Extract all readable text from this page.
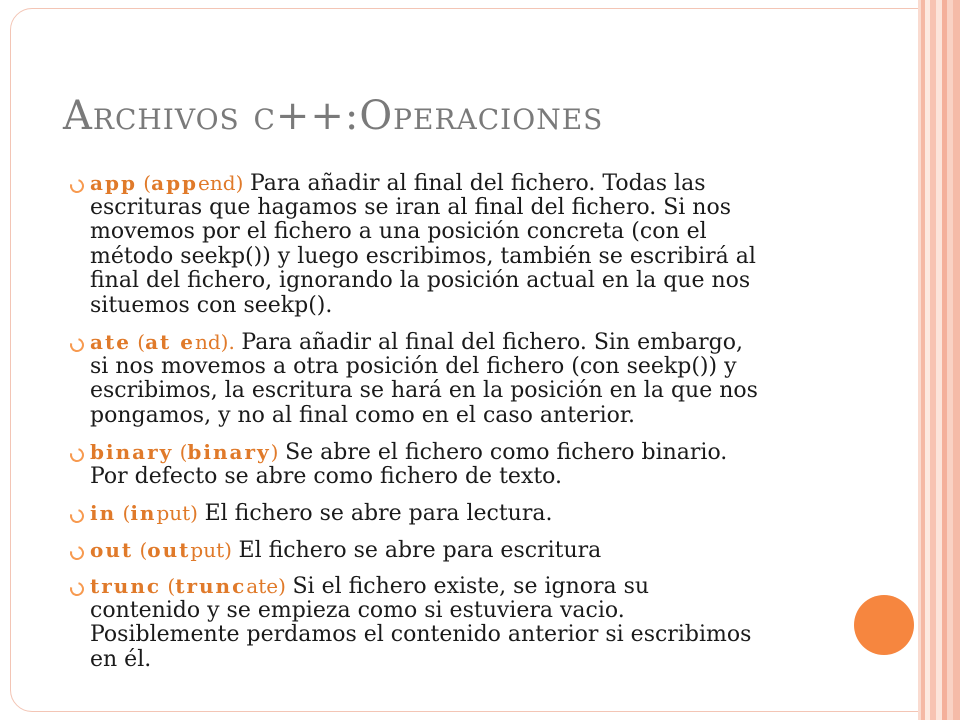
Archivos c++:Operaciones
app (append) Para añadir al final del fichero. Todas las
escrituras que hagamos se iran al final del fichero. Si nos
movemos por el fichero a una posición concreta (con el
método seekp()) y luego escribimos, también se escribirá al
final del fichero, ignorando la posición actual en la que nos
situemos con seekp().
ate (at end). Para añadir al final del fichero. Sin embargo,
si nos movemos a otra posición del fichero (con seekp()) y
escribimos, la escritura se hará en la posición en la que nos
pongamos, y no al final como en el caso anterior.
binary (binary) Se abre el fichero como fichero binario.
Por defecto se abre como fichero de texto.
in (input) El fichero se abre para lectura.
out (output) El fichero se abre para escritura
trunc (truncate) Si el fichero existe, se ignora su
contenido y se empieza como si estuviera vacio.
Posiblemente perdamos el contenido anterior si escribimos
en él.
